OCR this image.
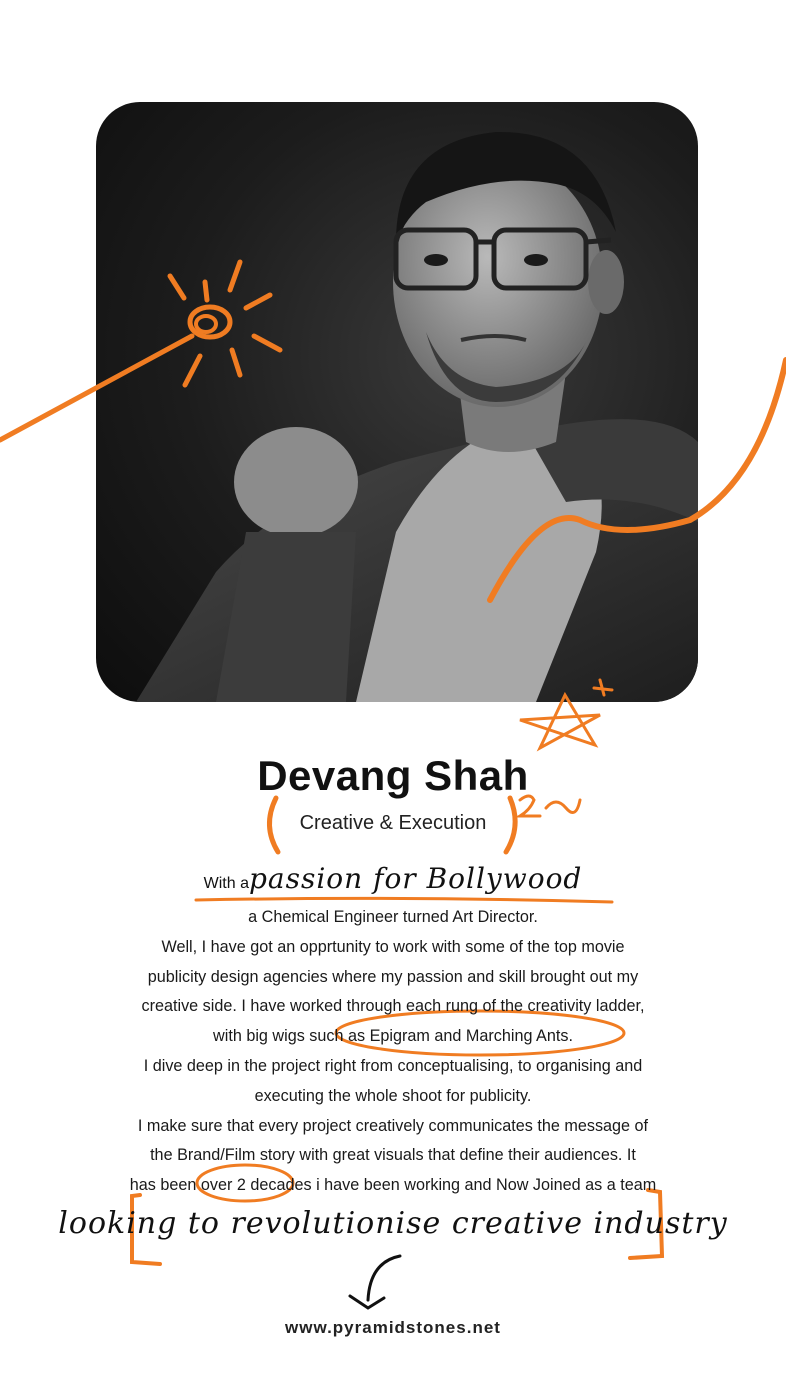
Devang Shah
Creative & Execution
With apassion for Bollywood
a Chemical Engineer turned Art Director.
Well, I have got an opprtunity to work with some of the top movie
publicity design agencies where my passion and skill brought out my
creative side. I have worked through each rung of the creativity ladder,
with big wigs such as Epigram and Marching Ants.
I dive deep in the project right from conceptualising, to organising and
executing the whole shoot for publicity.
I make sure that every project creatively communicates the message of
the Brand/Film story with great visuals that define their audiences. It
has been over 2 decades i have been working and Now Joined as a team
looking to revolutionise creative industry
www.pyramidstones.net
